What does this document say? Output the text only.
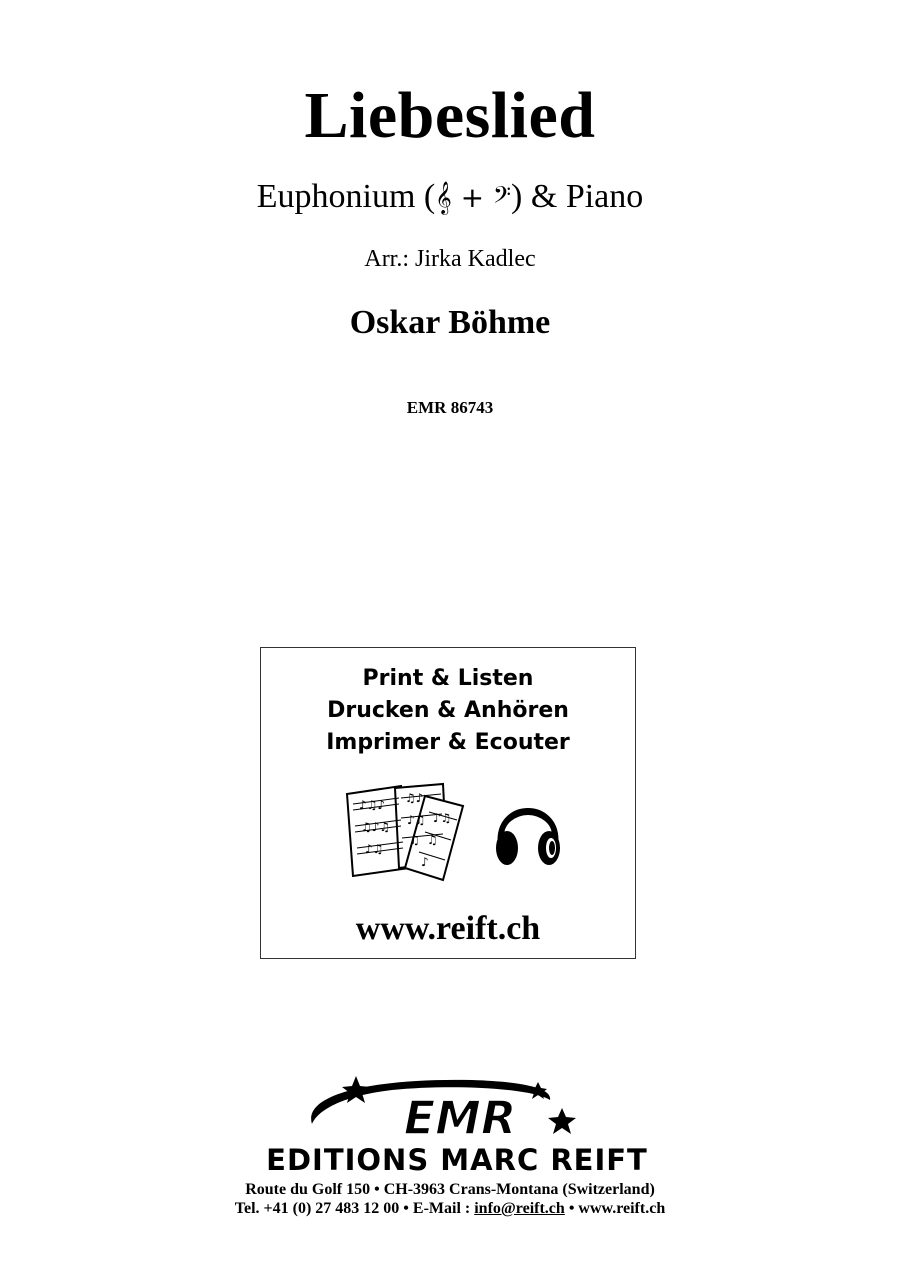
Liebeslied
Euphonium (𝄞 + 𝄢) & Piano
Arr.: Jirka Kadlec
Oskar Böhme
EMR 86743
Print & Listen
Drucken & Anhören
Imprimer & Ecouter
♪♫♪
♫♪♫
♪♫
♫♪
♪♫
♫
♪♫
♫
♪
www.reift.ch
EMR
EDITIONS MARC REIFT
Route du Golf 150 • CH-3963 Crans-Montana (Switzerland)
Tel. +41 (0) 27 483 12 00 • E-Mail : info@reift.ch • www.reift.ch
